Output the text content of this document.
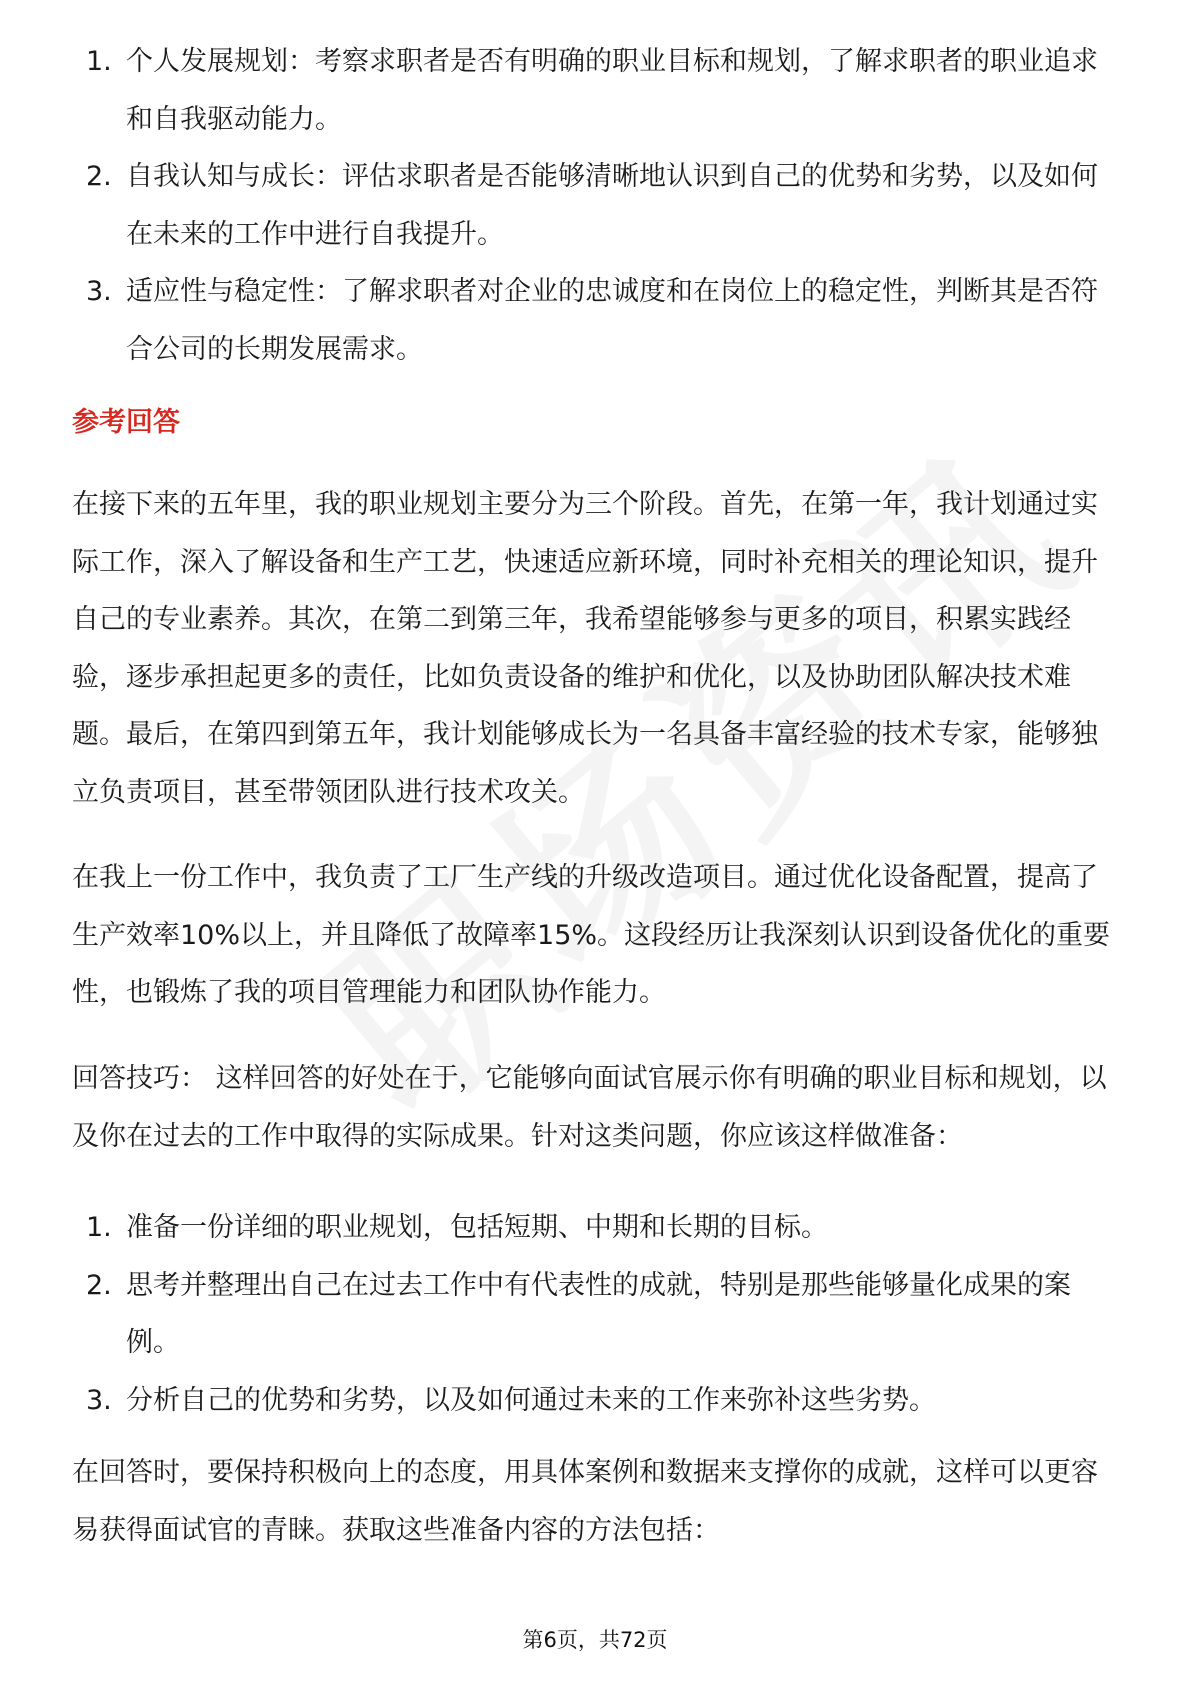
1. 个人发展规划：考察求职者是否有明确的职业目标和规划，了解求职者的职业追求和自我驱动能力。
2. 自我认知与成长：评估求职者是否能够清晰地认识到自己的优势和劣势，以及如何在未来的工作中进行自我提升。
3. 适应性与稳定性：了解求职者对企业的忠诚度和在岗位上的稳定性，判断其是否符合公司的长期发展需求。
参考回答

在接下来的五年里，我的职业规划主要分为三个阶段。首先，在第一年，我计划通过实际工作，深入了解设备和生产工艺，快速适应新环境，同时补充相关的理论知识，提升自己的专业素养。其次，在第二到第三年，我希望能够参与更多的项目，积累实践经验，逐步承担起更多的责任，比如负责设备的维护和优化，以及协助团队解决技术难题。最后，在第四到第五年，我计划能够成长为一名具备丰富经验的技术专家，能够独立负责项目，甚至带领团队进行技术攻关。

在我上一份工作中，我负责了工厂生产线的升级改造项目。通过优化设备配置，提高了生产效率10%以上，并且降低了故障率15%。这段经历让我深刻认识到设备优化的重要性，也锻炼了我的项目管理能力和团队协作能力。

回答技巧： 这样回答的好处在于，它能够向面试官展示你有明确的职业目标和规划，以及你在过去的工作中取得的实际成果。针对这类问题，你应该这样做准备：

1. 准备一份详细的职业规划，包括短期、中期和长期的目标。
2. 思考并整理出自己在过去工作中有代表性的成就，特别是那些能够量化成果的案例。
3. 分析自己的优势和劣势，以及如何通过未来的工作来弥补这些劣势。

在回答时，要保持积极向上的态度，用具体案例和数据来支撑你的成就，这样可以更容易获得面试官的青睐。获取这些准备内容的方法包括：

第6页，共72页
